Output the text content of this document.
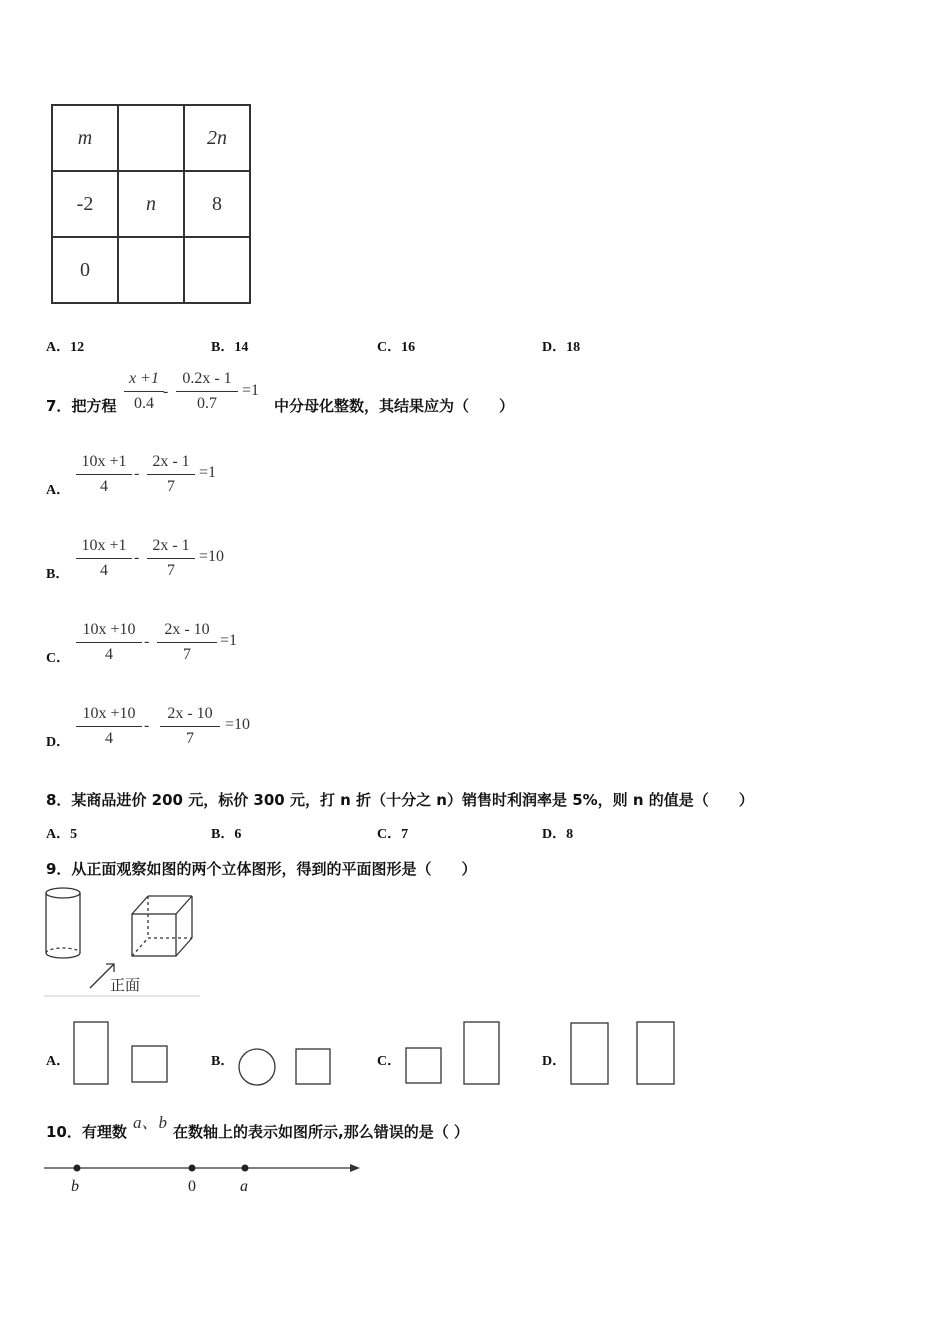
m		2n
-2	n	8
0		
A．12	B．14	C．16	D．18
7．把方程
x +1
0.4
-
0.2x - 1
0.7
=1
中分母化整数，其结果应为（　　）
A．
10x +1
4
-
2x - 1
7
=1
B．
10x +1
4
-
2x - 1
7
=10
C．
10x +10
4
-
2x - 10
7
=1
D．
10x +10
4
-
2x - 10
7
=10
8．某商品进价 200 元，标价 300 元，打 n 折（十分之 n）销售时利润率是 5%，则 n 的值是（　　）
A．5	B．6	C．7	D．8
9．从正面观察如图的两个立体图形，得到的平面图形是（　　）
正面
A．	B．	C．	D．
10．有理数 a、b 在数轴上的表示如图所示,那么错误的是（ ）
b	0	a
